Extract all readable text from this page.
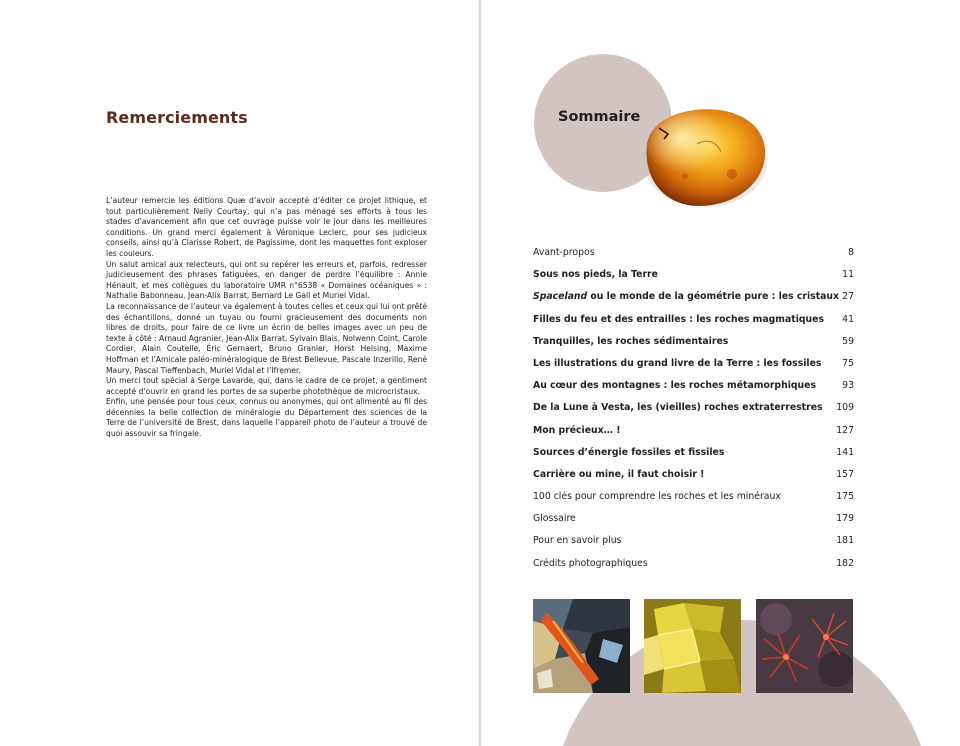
Remerciements

L’auteur remercie les éditions Quæ d’avoir accepté d’éditer ce projet lithique, et tout particulièrement Nelly Courtay, qui n’a pas ménagé ses efforts à tous les stades d’avancement afin que cet ouvrage puisse voir le jour dans les meilleures conditions. Un grand merci également à Véronique Leclerc, pour ses judicieux conseils, ainsi qu’à Clarisse Robert, de Pagissime, dont les maquettes font exploser les couleurs.

Un salut amical aux relecteurs, qui ont su repérer les erreurs et, parfois, redresser judicieusement des phrases fatiguées, en danger de perdre l’équilibre : Annie Hénault, et mes collègues du laboratoire UMR n°6538 « Domaines océaniques » : Nathalie Babonneau, Jean-Alix Barrat, Bernard Le Gall et Muriel Vidal.

La reconnaissance de l’auteur va également à toutes celles et ceux qui lui ont prêté des échantillons, donné un tuyau ou fourni gracieusement des documents non libres de droits, pour faire de ce livre un écrin de belles images avec un peu de texte à côté : Arnaud Agranier, Jean-Alix Barrat, Sylvain Blais, Nolwenn Coint, Carole Cordier, Alain Coutelle, Éric Gernaert, Bruno Granier, Horst Helsing, Maxime Hoffman et l’Amicale paléo-minéralogique de Brest Bellevue, Pascale Inzerillo, René Maury, Pascal Tieffenbach, Muriel Vidal et l’Ifremer.

Un merci tout spécial à Serge Lavarde, qui, dans le cadre de ce projet, a gentiment accepté d’ouvrir en grand les portes de sa superbe photothèque de microcristaux.

Enfin, une pensée pour tous ceux, connus ou anonymes, qui ont alimenté au fil des décennies la belle collection de minéralogie du Département des sciences de la Terre de l’université de Brest, dans laquelle l’appareil photo de l’auteur a trouvé de quoi assouvir sa fringale.

Sommaire
Avant-propos	8
Sous nos pieds, la Terre	11
Spaceland ou le monde de la géométrie pure : les cristaux 27
Filles du feu et des entrailles : les roches magmatiques 41
Tranquilles, les roches sédimentaires	59
Les illustrations du grand livre de la Terre : les fossiles 75
Au cœur des montagnes : les roches métamorphiques	93
De la Lune à Vesta, les (vieilles) roches extraterrestres 109
Mon précieux… !	127
Sources d’énergie fossiles et fissiles	141
Carrière ou mine, il faut choisir !	157
100 clés pour comprendre les roches et les minéraux	175
Glossaire	179
Pour en savoir plus	181
Crédits photographiques	182
